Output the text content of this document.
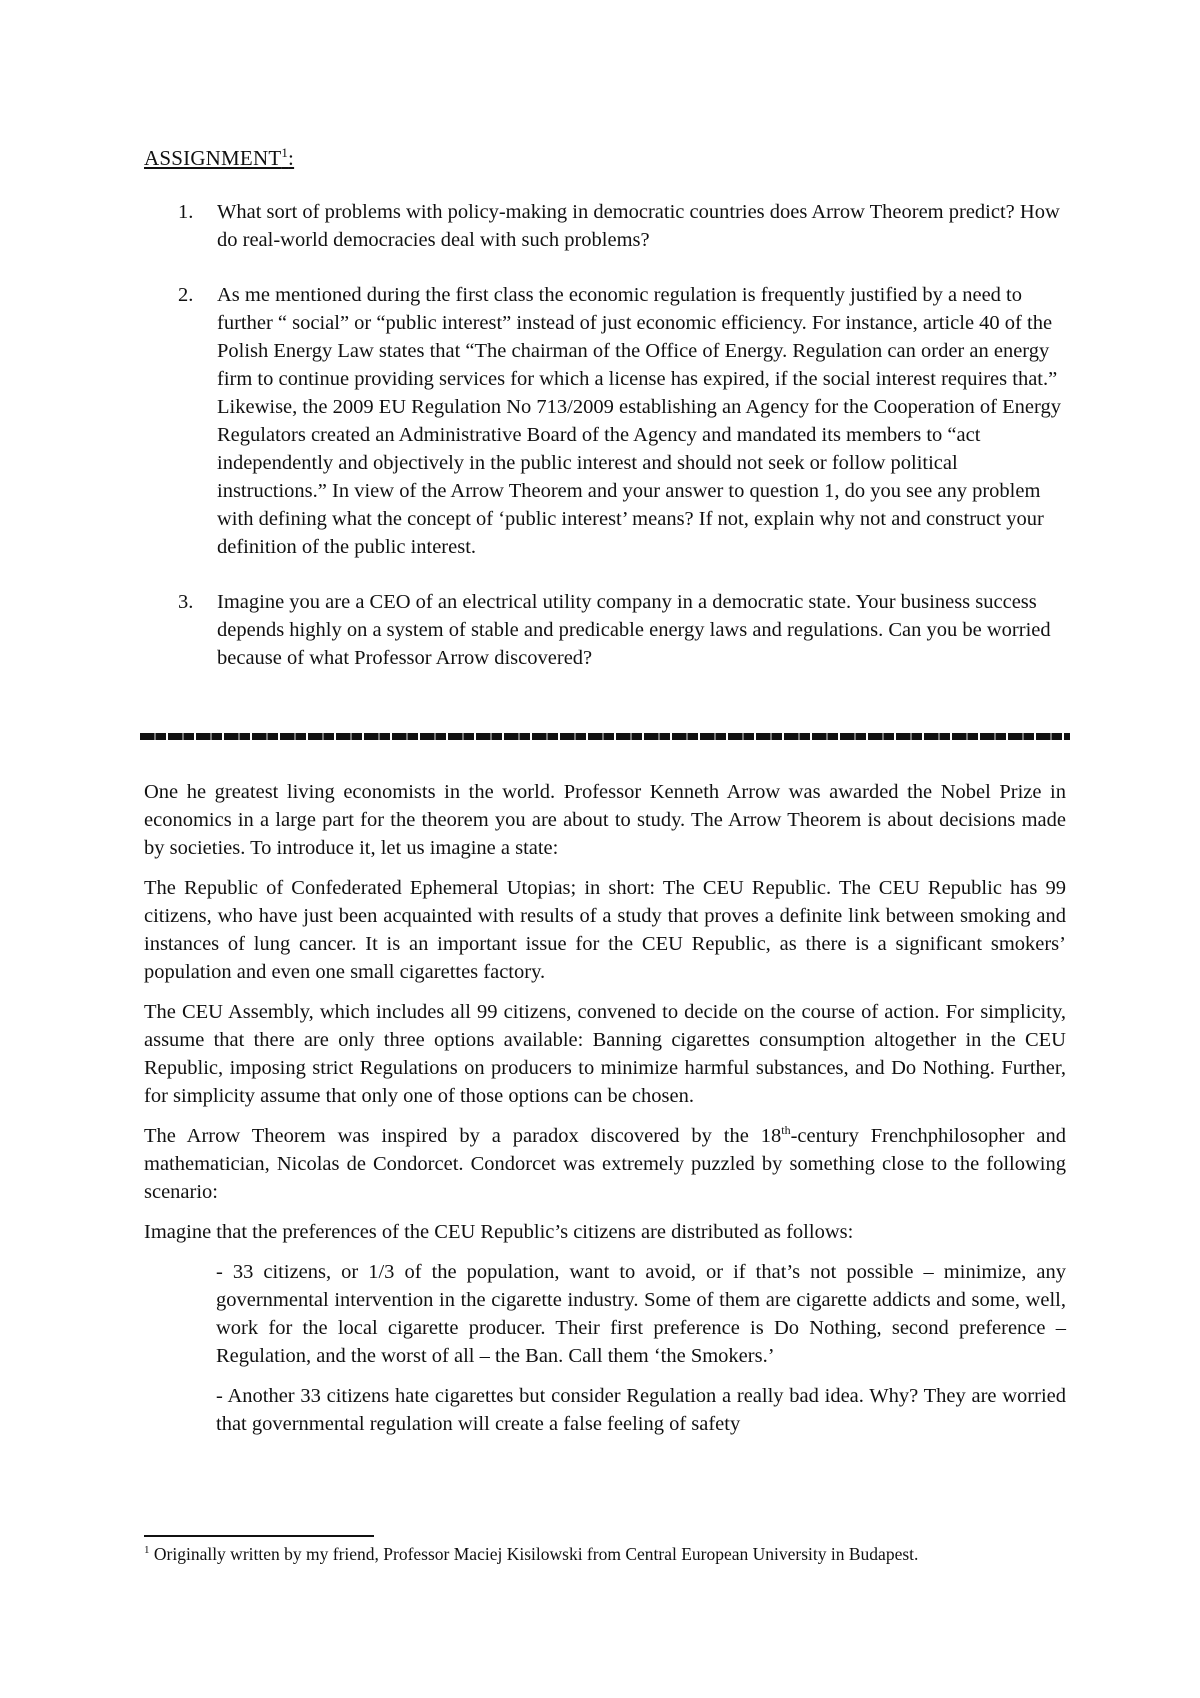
ASSIGNMENT$^1$:
1. What sort of problems with policy-making in democratic countries does Arrow Theorem predict? How do real-world democracies deal with such problems?
2. As me mentioned during the first class the economic regulation is frequently justified by a need to further “ social” or “public interest” instead of just economic efficiency. For instance, article 40 of the Polish Energy Law states that “The chairman of the Office of Energy. Regulation can order an energy firm to continue providing services for which a license has expired, if the social interest requires that.” Likewise, the 2009 EU Regulation No 713/2009 establishing an Agency for the Cooperation of Energy Regulators created an Administrative Board of the Agency and mandated its members to “act independently and objectively in the public interest and should not seek or follow political instructions.” In view of the Arrow Theorem and your answer to question 1, do you see any problem with defining what the concept of ‘public interest’ means? If not, explain why not and construct your definition of the public interest.
3. Imagine you are a CEO of an electrical utility company in a democratic state. Your business success depends highly on a system of stable and predicable energy laws and regulations. Can you be worried because of what Professor Arrow discovered?

One he greatest living economists in the world. Professor Kenneth Arrow was awarded the Nobel Prize in economics in a large part for the theorem you are about to study. The Arrow Theorem is about decisions made by societies. To introduce it, let us imagine a state:

The Republic of Confederated Ephemeral Utopias; in short: The CEU Republic. The CEU Republic has 99 citizens, who have just been acquainted with results of a study that proves a definite link between smoking and instances of lung cancer. It is an important issue for the CEU Republic, as there is a significant smokers’ population and even one small cigarettes factory.

The CEU Assembly, which includes all 99 citizens, convened to decide on the course of action. For simplicity, assume that there are only three options available: Banning cigarettes consumption altogether in the CEU Republic, imposing strict Regulations on producers to minimize harmful substances, and Do Nothing. Further, for simplicity assume that only one of those options can be chosen.

The Arrow Theorem was inspired by a paradox discovered by the 18th-century Frenchphilosopher and mathematician, Nicolas de Condorcet. Condorcet was extremely puzzled by something close to the following scenario:

Imagine that the preferences of the CEU Republic’s citizens are distributed as follows:

- 33 citizens, or 1/3 of the population, want to avoid, or if that’s not possible – minimize, any governmental intervention in the cigarette industry. Some of them are cigarette addicts and some, well, work for the local cigarette producer. Their first preference is Do Nothing, second preference – Regulation, and the worst of all – the Ban. Call them ‘the Smokers.’

- Another 33 citizens hate cigarettes but consider Regulation a really bad idea. Why? They are worried that governmental regulation will create a false feeling of safety

$^1$ Originally written by my friend, Professor Maciej Kisilowski from Central European University in Budapest.
